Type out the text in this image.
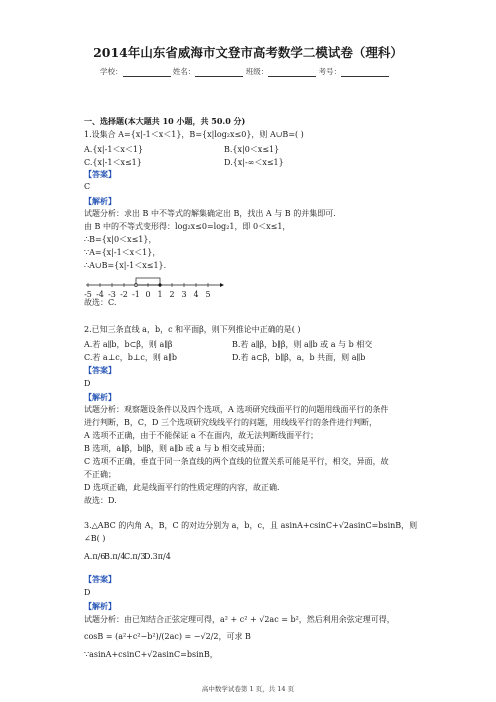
2014年山东省威海市文登市高考数学二模试卷（理科）
学校：	姓名：	班级：	考号：
一、选择题(本大题共 10 小题，共 50.0 分)
1.设集合 A={x|-1＜x＜1}，B={x|log₂x≤0}，则 A∪B=( )
A.{x|-1＜x＜1}	B.{x|0＜x≤1}
C.{x|-1＜x≤1}	D.{x|-∞＜x≤1}
【答案】
C
【解析】
试题分析：求出 B 中不等式的解集确定出 B，找出 A 与 B 的并集即可.
由 B 中的不等式变形得：log₂x≤0=log₂1，即 0＜x≤1，
∴B={x|0＜x≤1}，
∵A={x|-1＜x＜1}，
∴A∪B={x|-1＜x≤1}.
-5 -4 -3 -2 -1 0 1 2 3 4 5
故选：C.
2.已知三条直线 a，b，c 和平面β，则下列推论中正确的是( )
A.若 a∥b，b⊂β，则 a∥β	B.若 a∥β，b∥β，则 a∥b 或 a 与 b 相交
C.若 a⊥c，b⊥c，则 a∥b	D.若 a⊂β，b∥β，a，b 共面，则 a∥b
【答案】
D
【解析】
试题分析：观察题设条件以及四个选项，A 选项研究线面平行的问题用线面平行的条件
进行判断，B，C，D 三个选项研究线线平行的问题，用线线平行的条件进行判断，
A 选项不正确，由于不能保证 a 不在面内，故无法判断线面平行；
B 选项，a∥β，b∥β，则 a∥b 或 a 与 b 相交或异面；
C 选项不正确，垂直于同一条直线的两个直线的位置关系可能是平行，相交，异面，故
不正确；
D 选项正确，此是线面平行的性质定理的内容，故正确.
故选：D.
3.△ABC 的内角 A，B，C 的对边分别为 a，b，c，且 asinA+csinC+√2asinC=bsinB，则
∠B( )
A.π/6
B.π/4
C.π/3
D.3π/4
【答案】
D
【解析】
试题分析：由已知结合正弦定理可得，a² + c² + √2ac = b²，然后利用余弦定理可得，
cosB = (a²+c²−b²)/(2ac) = −√2/2，可求 B
∵asinA+csinC+√2asinC=bsinB，
高中数学试卷第 1 页，共 14 页
